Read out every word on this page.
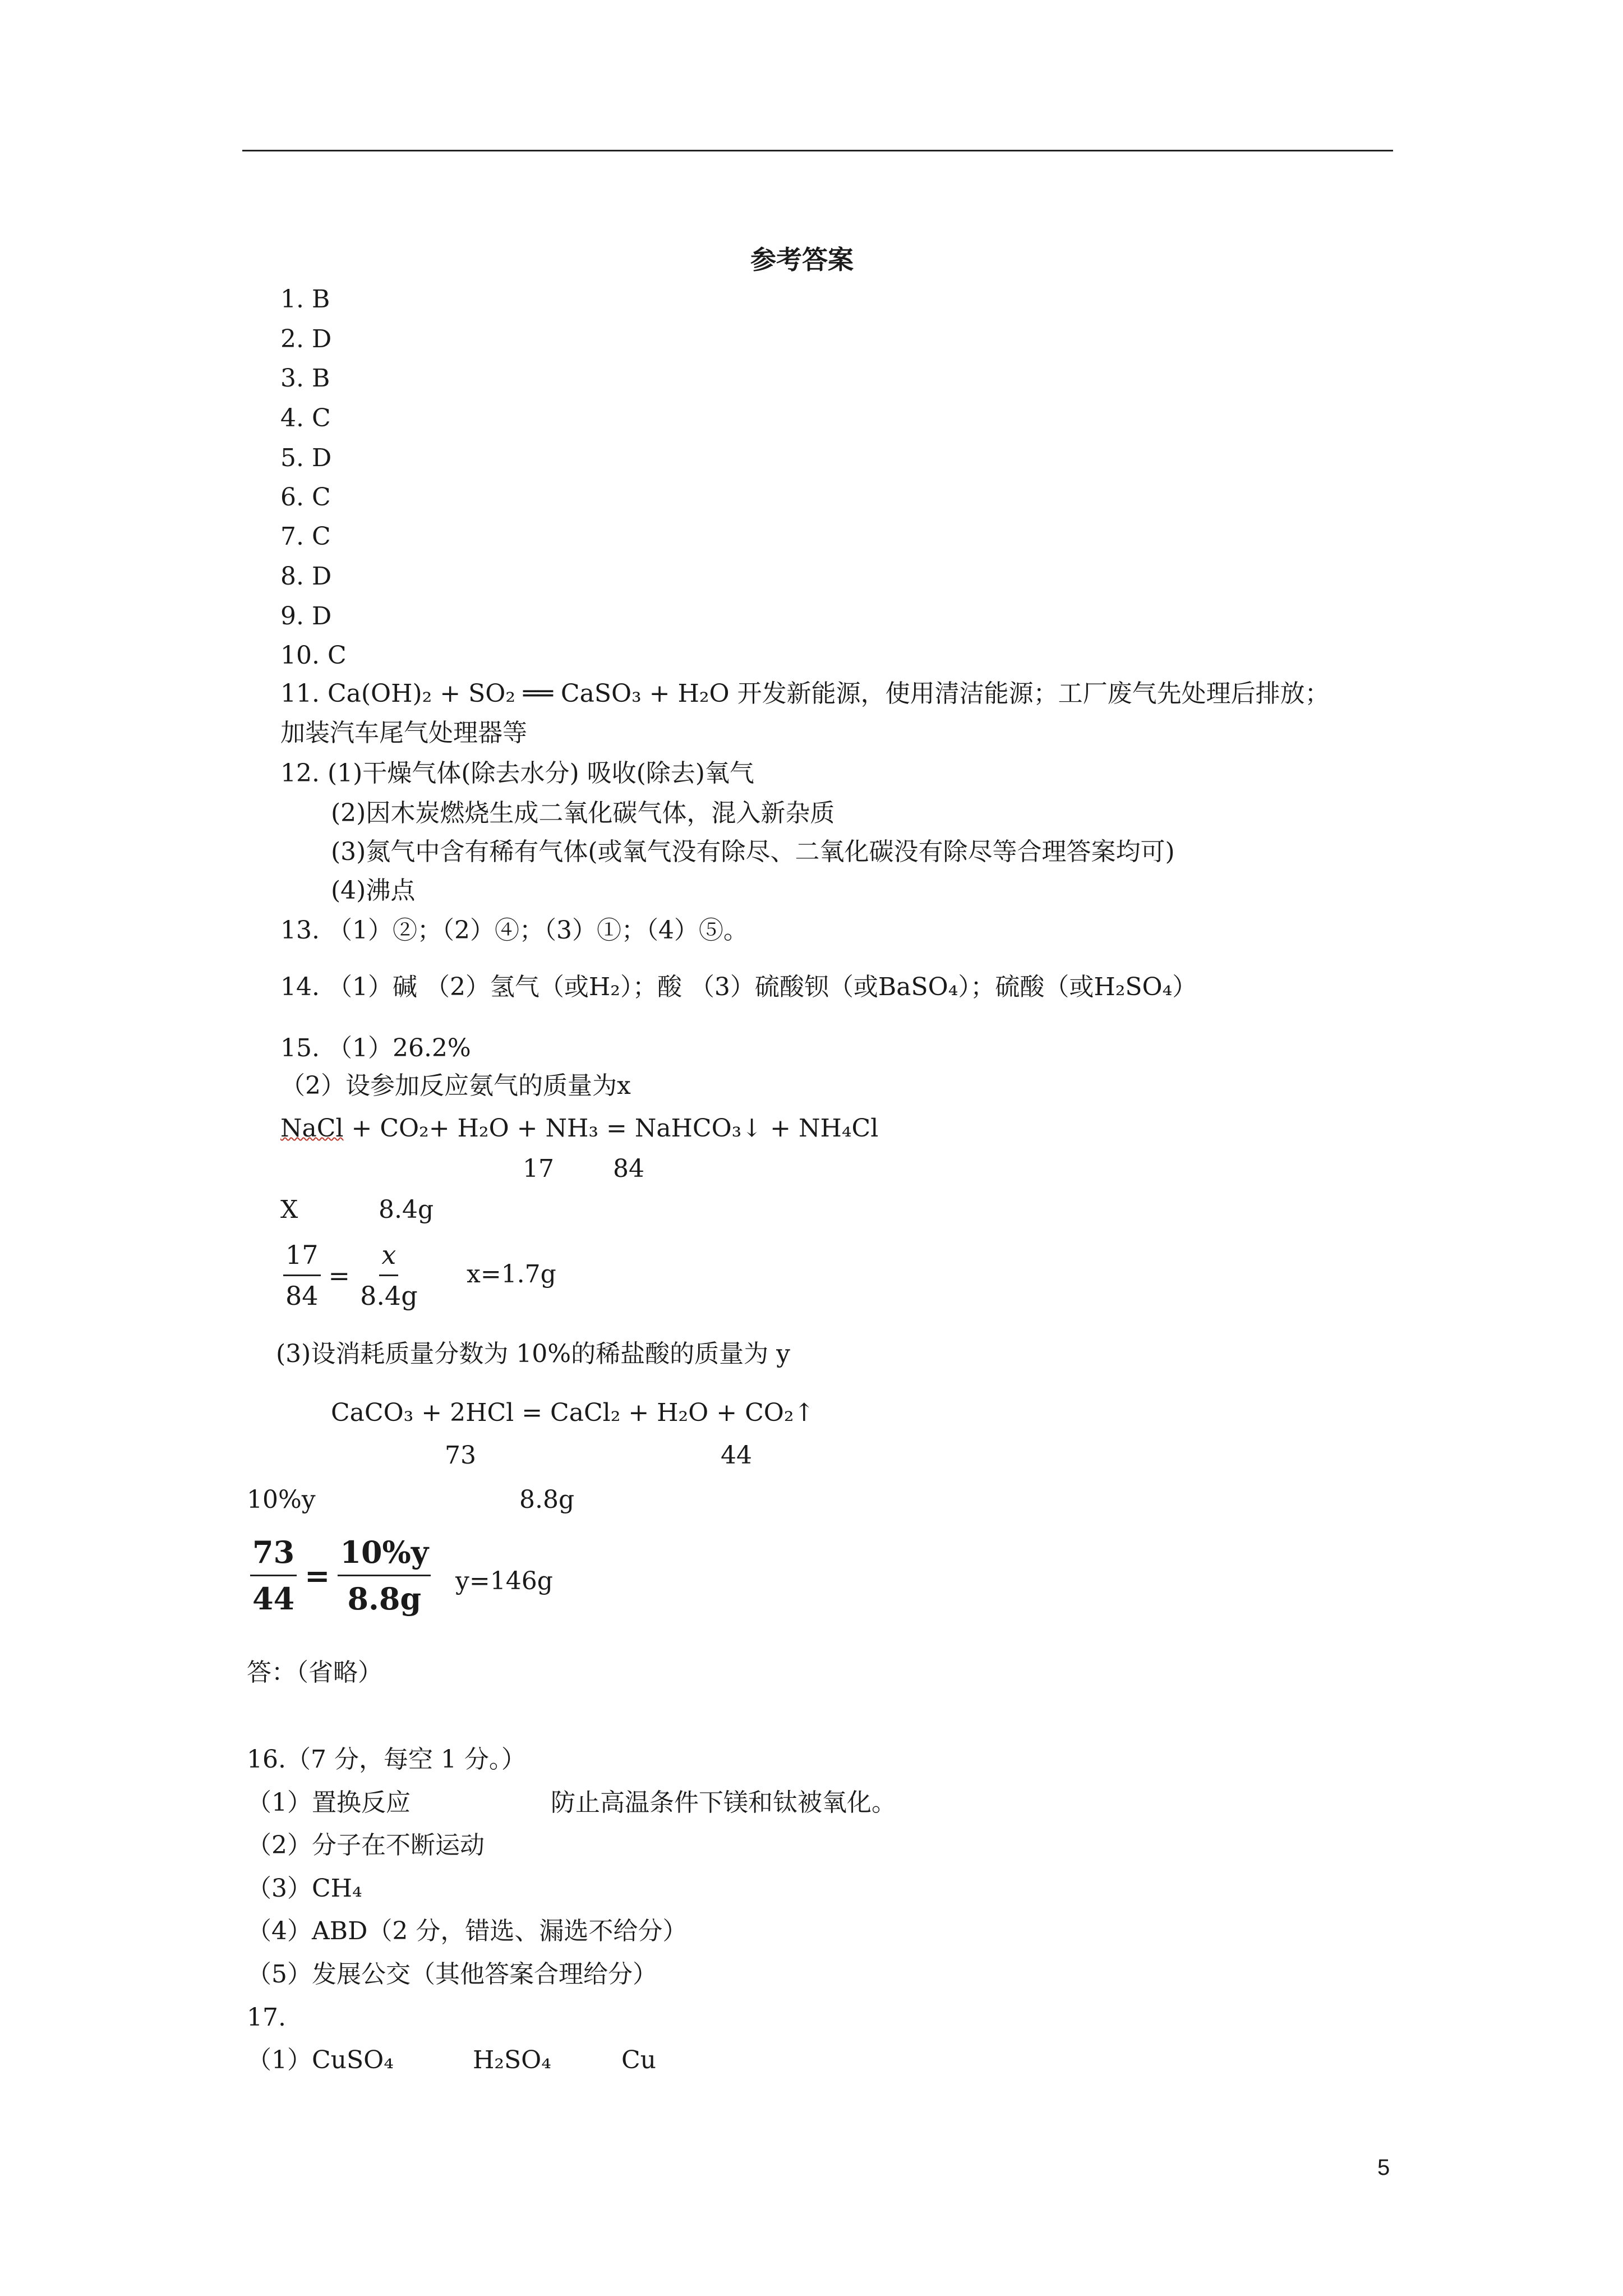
参考答案
1. B
2. D
3. B
4. C
5. D
6. C
7. C
8. D
9. D
10. C
11. Ca(OH)₂ + SO₂ ══ CaSO₃ + H₂O 开发新能源，使用清洁能源；工厂废气先处理后排放；
加装汽车尾气处理器等
12. (1)干燥气体(除去水分) 吸收(除去)氧气
(2)因木炭燃烧生成二氧化碳气体，混入新杂质
(3)氮气中含有稀有气体(或氧气没有除尽、二氧化碳没有除尽等合理答案均可)
(4)沸点
13. （1）②；（2）④；（3）①；（4）⑤。
14. （1）碱 （2）氢气（或H₂）；酸 （3）硫酸钡（或BaSO₄）；硫酸（或H₂SO₄）
15. （1）26.2%
（2）设参加反应氨气的质量为x
NaCl + CO₂+ H₂O + NH₃ = NaHCO₃↓ + NH₄Cl
17 84
X	8.4g
$\frac{17}{84} = \frac{x}{8.4g} x=1.7g$
(3)设消耗质量分数为 10%的稀盐酸的质量为 y
CaCO₃ + 2HCl = CaCl₂ + H₂O + CO₂↑
73	44
10%y	8.8g
$\frac{73}{44} = \frac{10\%y}{8.8g} y=146g$
答：（省略）
16.（7 分，每空 1 分。）
（1）置换反应	防止高温条件下镁和钛被氧化。
（2）分子在不断运动
（3）CH₄
（4）ABD（2 分，错选、漏选不给分）
（5）发展公交（其他答案合理给分）
17.
（1）CuSO₄	H₂SO₄	Cu
5
